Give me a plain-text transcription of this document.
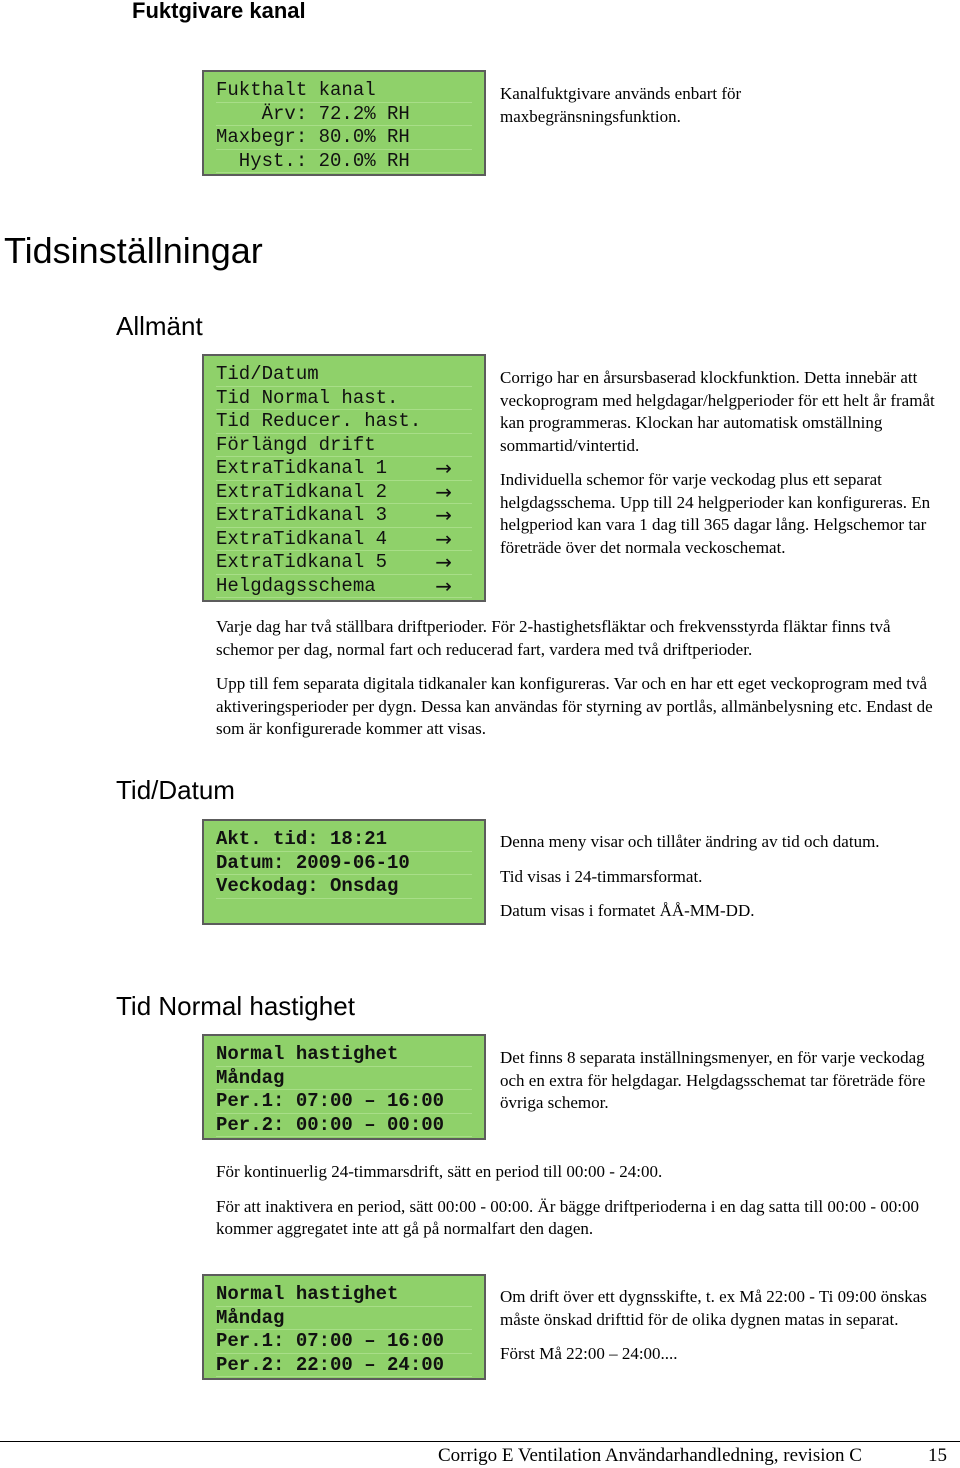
Fuktgivare kanal
Tidsinställningar
Allmänt
Tid/Datum
Tid Normal hastighet
Fukthalt kanal
Ärv: 72.2% RH
Maxbegr: 80.0% RH
Hyst.: 20.0% RH

Kanalfuktgivare används enbart för maxbegränsningsfunktion.

Tid/Datum
Tid Normal hast.
Tid Reducer. hast.
Förlängd drift
ExtraTidkanal 1 →
ExtraTidkanal 2 →
ExtraTidkanal 3 →
ExtraTidkanal 4 →
ExtraTidkanal 5 →
Helgdagsschema	→

Corrigo har en årsursbaserad klockfunktion. Detta innebär att veckoprogram med helgdagar/helgperioder för ett helt år framåt kan programmeras. Klockan har automatisk omställning sommartid/vintertid.

Individuella schemor för varje veckodag plus ett separat helgdagsschema. Upp till 24 helgperioder kan konfigureras. En helgperiod kan vara 1 dag till 365 dagar lång. Helgschemor tar företräde över det normala veckoschemat.

Varje dag har två ställbara driftperioder. För 2-hastighetsfläktar och frekvensstyrda fläktar finns två schemor per dag, normal fart och reducerad fart, vardera med två driftperioder.

Upp till fem separata digitala tidkanaler kan konfigureras. Var och en har ett eget veckoprogram med två aktiveringsperioder per dygn. Dessa kan användas för styrning av portlås, allmänbelysning etc. Endast de som är konfigurerade kommer att visas.

Akt. tid: 18:21
Datum: 2009-06-10
Veckodag: Onsdag

Denna meny visar och tillåter ändring av tid och datum.

Tid visas i 24-timmarsformat.

Datum visas i formatet ÅÅ-MM-DD.

Normal hastighet
Måndag
Per.1: 07:00 – 16:00
Per.2: 00:00 – 00:00

Det finns 8 separata inställningsmenyer, en för varje veckodag och en extra för helgdagar. Helgdagsschemat tar företräde före övriga schemor.

För kontinuerlig 24-timmarsdrift, sätt en period till 00:00 - 24:00.

För att inaktivera en period, sätt 00:00 - 00:00. Är bägge driftperioderna i en dag satta till 00:00 - 00:00 kommer aggregatet inte att gå på normalfart den dagen.

Normal hastighet
Måndag
Per.1: 07:00 – 16:00
Per.2: 22:00 – 24:00

Om drift över ett dygnsskifte, t. ex Må 22:00 - Ti 09:00 önskas måste önskad drifttid för de olika dygnen matas in separat.

Först Må 22:00 – 24:00....

Corrigo E Ventilation Användarhandledning, revision C	15
